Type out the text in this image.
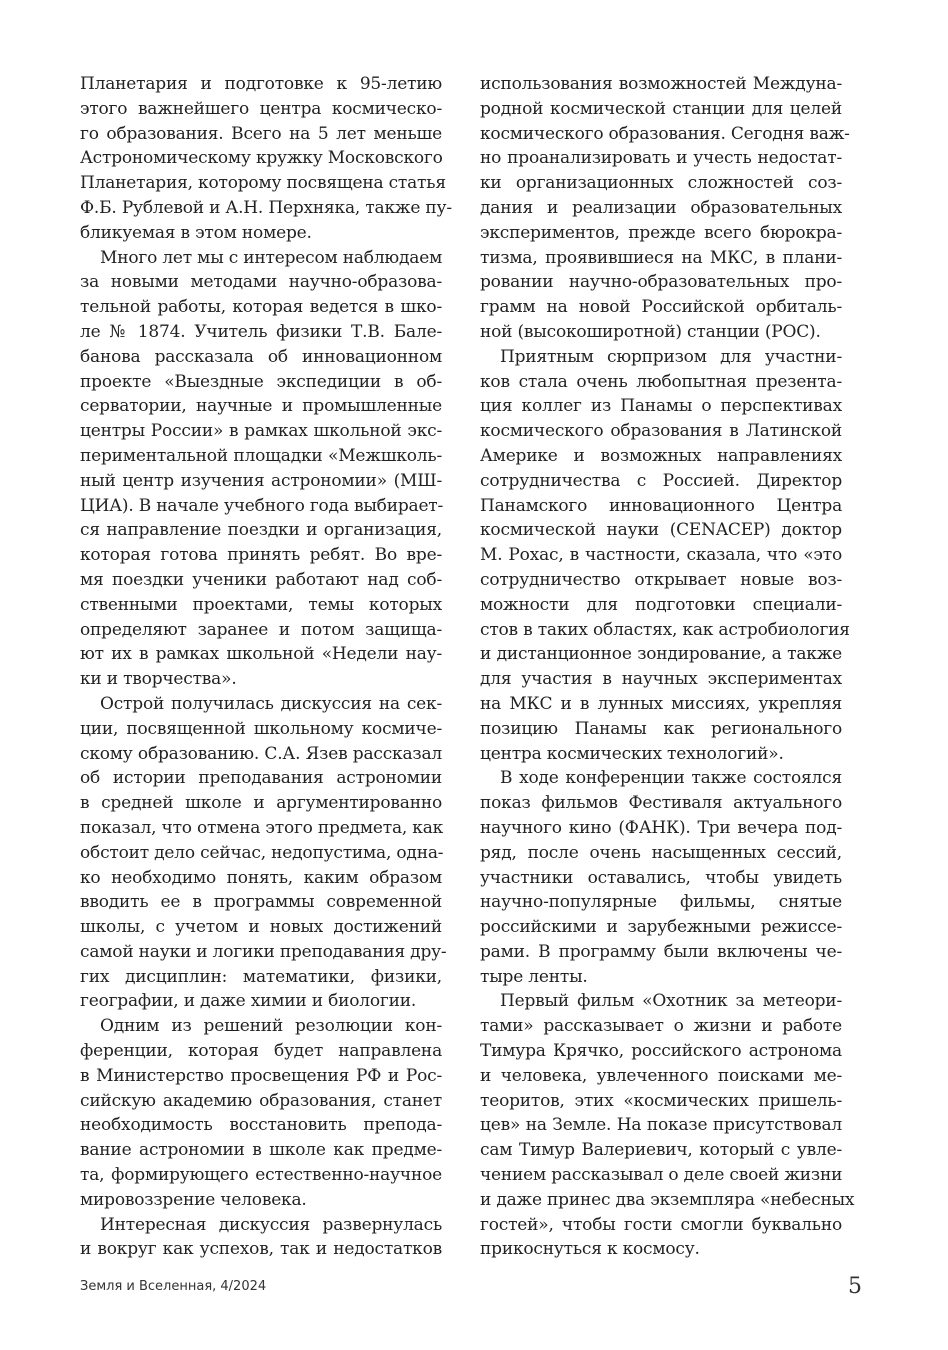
Планетария и подготовке к 95-летию
этого важнейшего центра космическо-
го образования. Всего на 5 лет меньше
Астрономическому кружку Московского
Планетария, которому посвящена статья
Ф.Б. Рублевой и А.Н. Перхняка, также пу-
бликуемая в этом номере.
Много лет мы с интересом наблюдаем
за новыми методами научно-образова-
тельной работы, которая ведется в шко-
ле № 1874. Учитель физики Т.В. Бале-
банова рассказала об инновационном
проекте «Выездные экспедиции в об-
серватории, научные и промышленные
центры России» в рамках школьной экс-
периментальной площадки «Межшколь-
ный центр изучения астрономии» (МШ-
ЦИА). В начале учебного года выбирает-
ся направление поездки и организация,
которая готова принять ребят. Во вре-
мя поездки ученики работают над соб-
ственными проектами, темы которых
определяют заранее и потом защища-
ют их в рамках школьной «Недели нау-
ки и творчества».
Острой получилась дискуссия на сек-
ции, посвященной школьному космиче-
скому образованию. С.А. Язев рассказал
об истории преподавания астрономии
в средней школе и аргументированно
показал, что отмена этого предмета, как
обстоит дело сейчас, недопустима, одна-
ко необходимо понять, каким образом
вводить ее в программы современной
школы, с учетом и новых достижений
самой науки и логики преподавания дру-
гих дисциплин: математики, физики,
географии, и даже химии и биологии.
Одним из решений резолюции кон-
ференции, которая будет направлена
в Министерство просвещения РФ и Рос-
сийскую академию образования, станет
необходимость восстановить препода-
вание астрономии в школе как предме-
та, формирующего естественно-научное
мировоззрение человека.
Интересная дискуссия развернулась
и вокруг как успехов, так и недостатков
использования возможностей Междуна-
родной космической станции для целей
космического образования. Сегодня важ-
но проанализировать и учесть недостат-
ки организационных сложностей соз-
дания и реализации образовательных
экспериментов, прежде всего бюрокра-
тизма, проявившиеся на МКС, в плани-
ровании научно-образовательных про-
грамм на новой Российской орбиталь-
ной (высокоширотной) станции (РОС).
Приятным сюрпризом для участни-
ков стала очень любопытная презента-
ция коллег из Панамы о перспективах
космического образования в Латинской
Америке и возможных направлениях
сотрудничества с Россией. Директор
Панамского инновационного Центра
космической науки (CENACEP) доктор
М. Рохас, в частности, сказала, что «это
сотрудничество открывает новые воз-
можности для подготовки специали-
стов в таких областях, как астробиология
и дистанционное зондирование, а также
для участия в научных экспериментах
на МКС и в лунных миссиях, укрепляя
позицию Панамы как регионального
центра космических технологий».
В ходе конференции также состоялся
показ фильмов Фестиваля актуального
научного кино (ФАНК). Три вечера под-
ряд, после очень насыщенных сессий,
участники оставались, чтобы увидеть
научно-популярные фильмы, снятые
российскими и зарубежными режиссе-
рами. В программу были включены че-
тыре ленты.
Первый фильм «Охотник за метеори-
тами» рассказывает о жизни и работе
Тимура Крячко, российского астронома
и человека, увлеченного поисками ме-
теоритов, этих «космических пришель-
цев» на Земле. На показе присутствовал
сам Тимур Валериевич, который с увле-
чением рассказывал о деле своей жизни
и даже принес два экземпляра «небесных
гостей», чтобы гости смогли буквально
прикоснуться к космосу.
Земля и Вселенная, 4/2024	5
